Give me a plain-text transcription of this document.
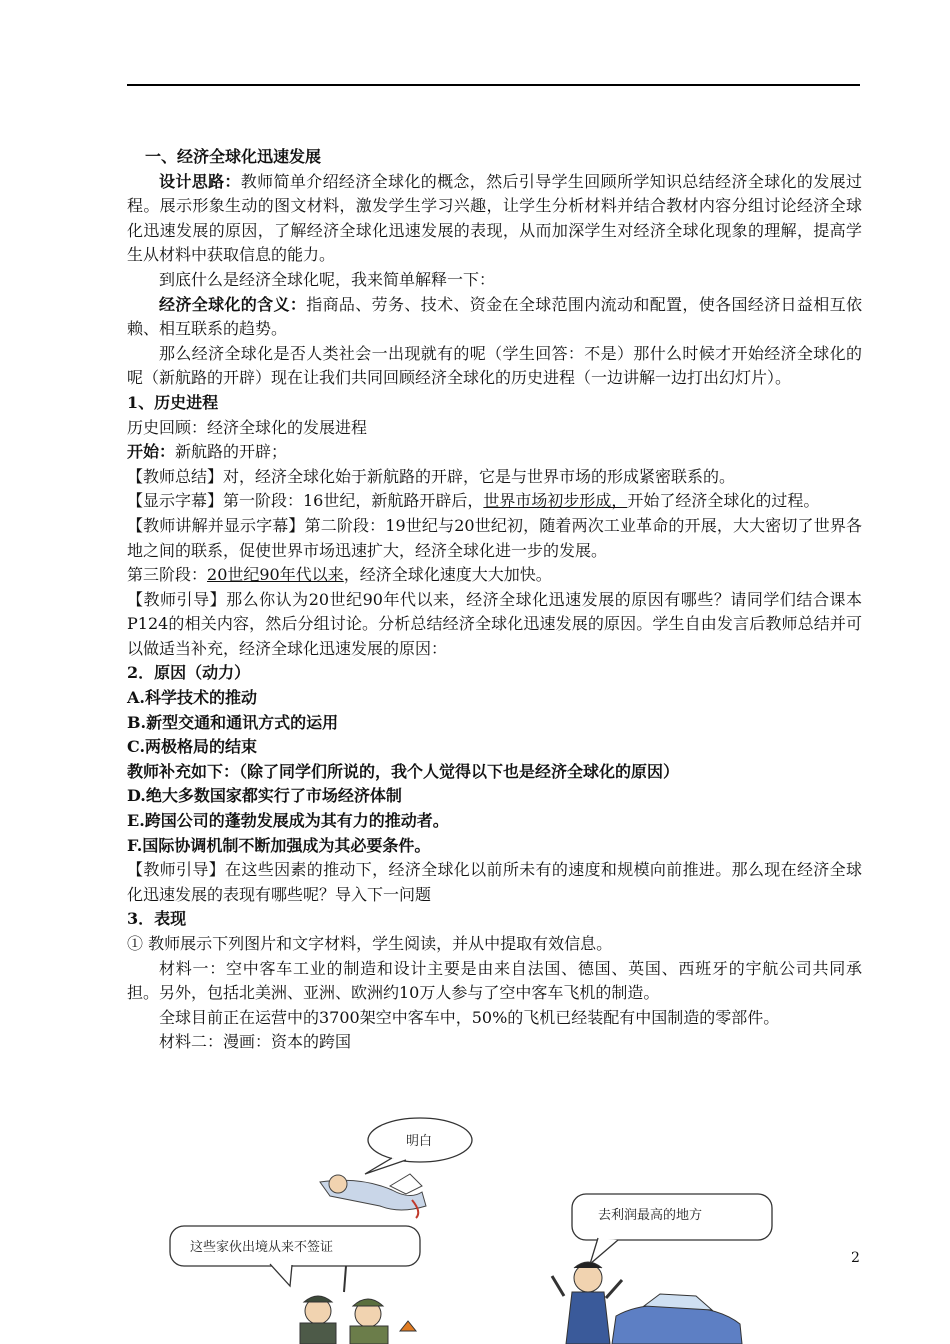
一、经济全球化迅速发展

设计思路：教师简单介绍经济全球化的概念，然后引导学生回顾所学知识总结经济全球化的发展过程。展示形象生动的图文材料，激发学生学习兴趣，让学生分析材料并结合教材内容分组讨论经济全球化迅速发展的原因，了解经济全球化迅速发展的表现，从而加深学生对经济全球化现象的理解，提高学生从材料中获取信息的能力。

到底什么是经济全球化呢，我来简单解释一下：

经济全球化的含义：指商品、劳务、技术、资金在全球范围内流动和配置，使各国经济日益相互依赖、相互联系的趋势。

那么经济全球化是否人类社会一出现就有的呢（学生回答：不是）那什么时候才开始经济全球化的呢（新航路的开辟）现在让我们共同回顾经济全球化的历史进程（一边讲解一边打出幻灯片）。

1、历史进程

历史回顾：经济全球化的发展进程

开始：新航路的开辟；

【教师总结】对，经济全球化始于新航路的开辟，它是与世界市场的形成紧密联系的。

【显示字幕】第一阶段：16世纪，新航路开辟后，世界市场初步形成，开始了经济全球化的过程。

【教师讲解并显示字幕】第二阶段：19世纪与20世纪初，随着两次工业革命的开展，大大密切了世界各地之间的联系，促使世界市场迅速扩大，经济全球化进一步的发展。

第三阶段：20世纪90年代以来，经济全球化速度大大加快。

【教师引导】那么你认为20世纪90年代以来，经济全球化迅速发展的原因有哪些？请同学们结合课本P124的相关内容，然后分组讨论。分析总结经济全球化迅速发展的原因。学生自由发言后教师总结并可以做适当补充，经济全球化迅速发展的原因：

2．原因（动力）

A.科学技术的推动

B.新型交通和通讯方式的运用

C.两极格局的结束

教师补充如下：（除了同学们所说的，我个人觉得以下也是经济全球化的原因）

D.绝大多数国家都实行了市场经济体制

E.跨国公司的蓬勃发展成为其有力的推动者。

F.国际协调机制不断加强成为其必要条件。

【教师引导】在这些因素的推动下，经济全球化以前所未有的速度和规模向前推进。那么现在经济全球化迅速发展的表现有哪些呢？导入下一问题

3．表现

① 教师展示下列图片和文字材料，学生阅读，并从中提取有效信息。

材料一：空中客车工业的制造和设计主要是由来自法国、德国、英国、西班牙的宇航公司共同承担。另外，包括北美洲、亚洲、欧洲约10万人参与了空中客车飞机的制造。

全球目前正在运营中的3700架空中客车中，50%的飞机已经装配有中国制造的零部件。

材料二：漫画：资本的跨国

明白
去利润最高的地方
这些家伙出境从来不签证
2
